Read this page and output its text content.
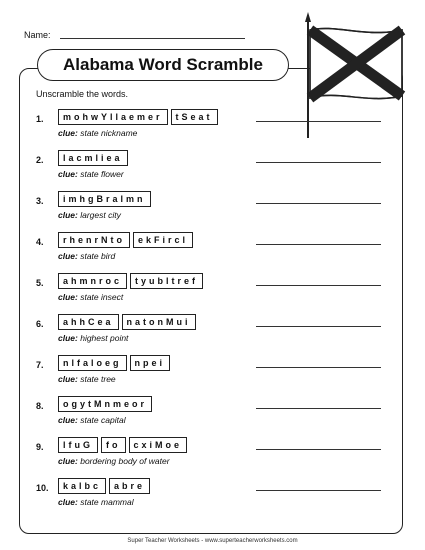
Name:
Alabama Word Scramble
Unscramble the words.
1.	mohwYllaemer	tSeat
clue: state nickname
2.	lacmliea
clue: state flower
3.	imhgBralmn
clue: largest city
4.	rhenrNto	ekFircl
clue: state bird
5.	ahmnroc	tyubltref
clue: state insect
6.	ahhCea	natonMui
clue: highest point
7.	nlfaloeg	npei
clue: state tree
8.	ogytMnmeor
clue: state capital
9.	lfuG	fo	cxiMoe
clue: bordering body of water
10.	kalbc	abre
clue: state mammal
Super Teacher Worksheets - www.superteacherworksheets.com
